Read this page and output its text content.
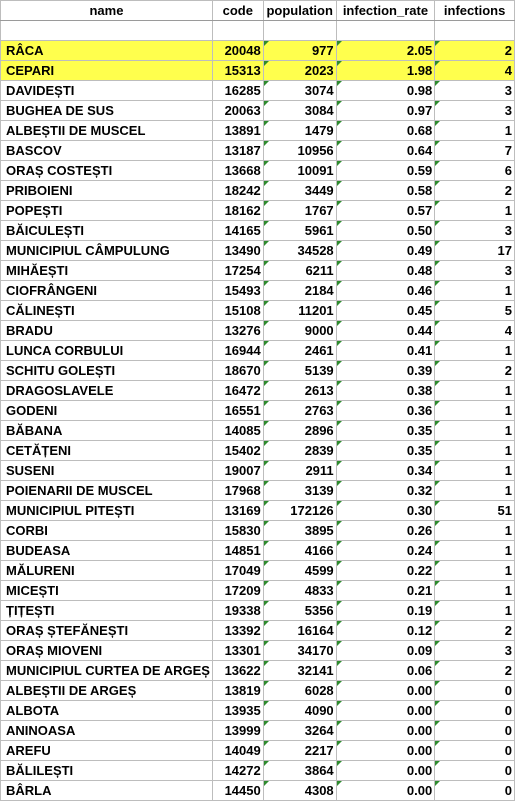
name	code	population	infection_rate	infections

RÂCA	20048	977	2.05	2
CEPARI	15313	2023	1.98	4
DAVIDEȘTI	16285	3074	0.98	3
BUGHEA DE SUS	20063	3084	0.97	3
ALBEȘTII DE MUSCEL	13891	1479	0.68	1
BASCOV	13187	10956	0.64	7
ORAȘ COSTEȘTI	13668	10091	0.59	6
PRIBOIENI	18242	3449	0.58	2
POPEȘTI	18162	1767	0.57	1
BĂICULEȘTI	14165	5961	0.50	3
MUNICIPIUL CÂMPULUNG	13490	34528	0.49	17
MIHĂEȘTI	17254	6211	0.48	3
CIOFRÂNGENI	15493	2184	0.46	1
CĂLINEȘTI	15108	11201	0.45	5
BRADU	13276	9000	0.44	4
LUNCA CORBULUI	16944	2461	0.41	1
SCHITU GOLEȘTI	18670	5139	0.39	2
DRAGOSLAVELE	16472	2613	0.38	1
GODENI	16551	2763	0.36	1
BĂBANA	14085	2896	0.35	1
CETĂȚENI	15402	2839	0.35	1
SUSENI	19007	2911	0.34	1
POIENARII DE MUSCEL	17968	3139	0.32	1
MUNICIPIUL PITEȘTI	13169	172126	0.30	51
CORBI	15830	3895	0.26	1
BUDEASA	14851	4166	0.24	1
MĂLURENI	17049	4599	0.22	1
MICEȘTI	17209	4833	0.21	1
ȚIȚEȘTI	19338	5356	0.19	1
ORAȘ ȘTEFĂNEȘTI	13392	16164	0.12	2
ORAȘ MIOVENI	13301	34170	0.09	3
MUNICIPIUL CURTEA DE ARGEȘ	13622	32141	0.06	2
ALBEȘTII DE ARGEȘ	13819	6028	0.00	0
ALBOTA	13935	4090	0.00	0
ANINOASA	13999	3264	0.00	0
AREFU	14049	2217	0.00	0
BĂLILEȘTI	14272	3864	0.00	0
BÂRLA	14450	4308	0.00	0
